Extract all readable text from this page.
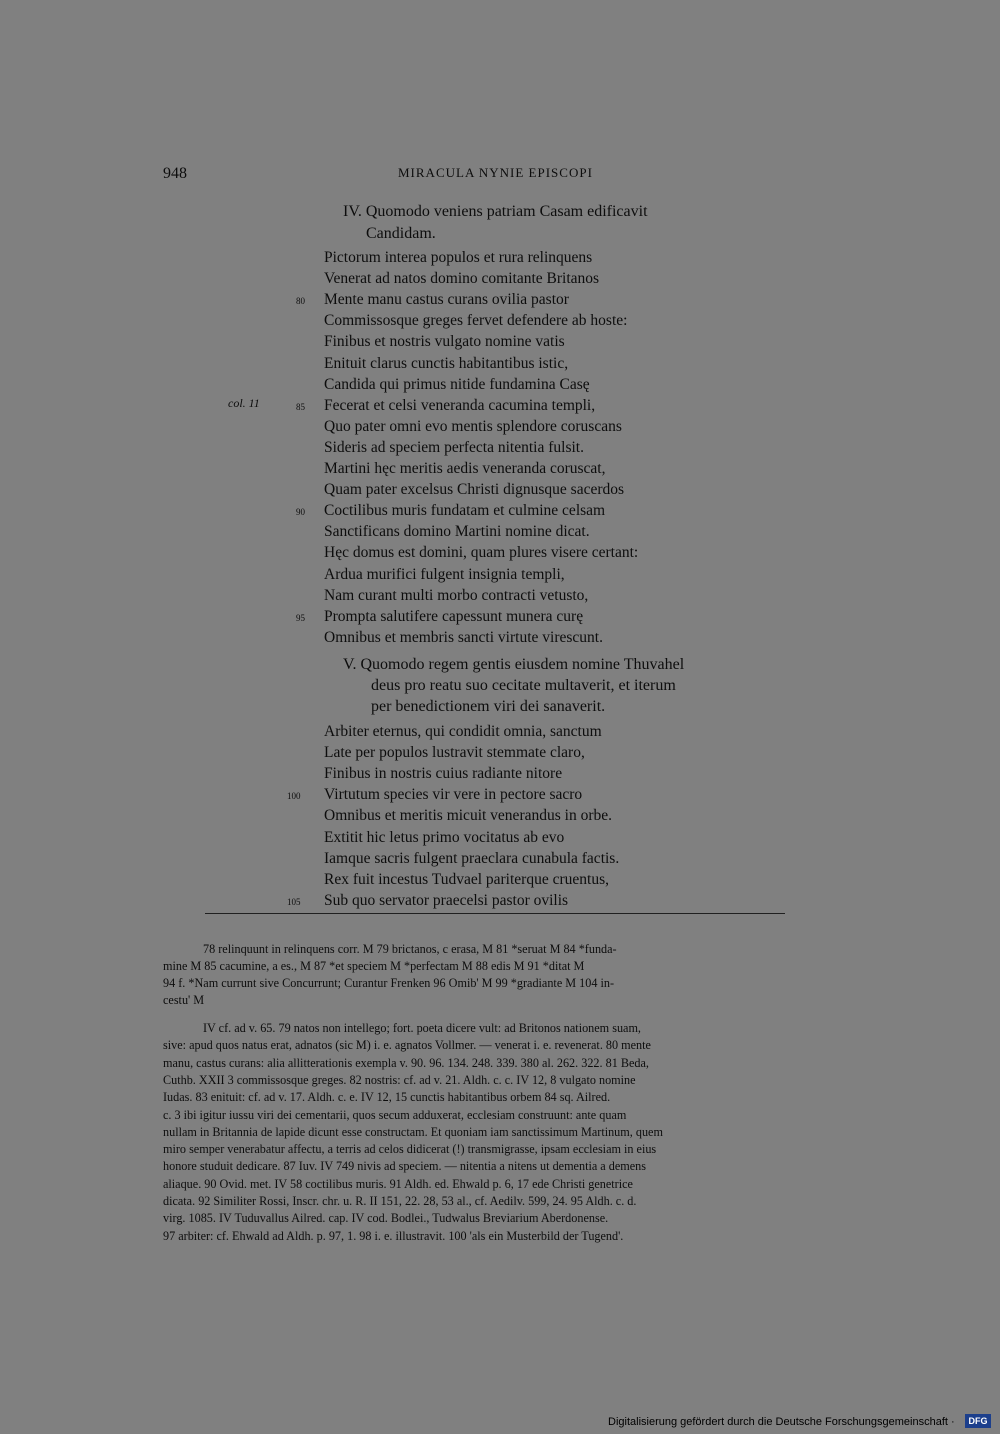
948	MIRACULA NYNIE EPISCOPI
IV. Quomodo veniens patriam Casam edificavit
Candidam.
col. 11
Pictorum interea populos et rura relinquens
Venerat ad natos domino comitante Britanos
Mente manu castus curans ovilia pastor
80
Commissosque greges fervet defendere ab hoste:
Finibus et nostris vulgato nomine vatis
Enituit clarus cunctis habitantibus istic,
Candida qui primus nitide fundamina Casę
Fecerat et celsi veneranda cacumina templi,
85
Quo pater omni evo mentis splendore coruscans
Sideris ad speciem perfecta nitentia fulsit.
Martini hęc meritis aedis veneranda coruscat,
Quam pater excelsus Christi dignusque sacerdos
Coctilibus muris fundatam et culmine celsam
90
Sanctificans domino Martini nomine dicat.
Hęc domus est domini, quam plures visere certant:
Ardua murifici fulgent insignia templi,
Nam curant multi morbo contracti vetusto,
Prompta salutifere capessunt munera curę
95
Omnibus et membris sancti virtute virescunt.
V. Quomodo regem gentis eiusdem nomine Thuvahel
deus pro reatu suo cecitate multaverit, et iterum
per benedictionem viri dei sanaverit.
Arbiter eternus, qui condidit omnia, sanctum
Late per populos lustravit stemmate claro,
Finibus in nostris cuius radiante nitore
Virtutum species vir vere in pectore sacro
100
Omnibus et meritis micuit venerandus in orbe.
Extitit hic letus primo vocitatus ab evo
Iamque sacris fulgent praeclara cunabula factis.
Rex fuit incestus Tudvael pariterque cruentus,
Sub quo servator praecelsi pastor ovilis
105
78 relinquunt in relinquens corr. M 79 brictanos, c erasa, M 81 *seruat M 84 *funda-
mine M 85 cacumine, a es., M 87 *et speciem M *perfectam M 88 edis M 91 *ditat M
94 f. *Nam currunt sive Concurrunt; Curantur Frenken 96 Omib' M 99 *gradiante M 104 in-
cestu' M
IV cf. ad v. 65. 79 natos non intellego; fort. poeta dicere vult: ad Britonos nationem suam,
sive: apud quos natus erat, adnatos (sic M) i. e. agnatos Vollmer. — venerat i. e. revenerat. 80 mente
manu, castus curans: alia allitterationis exempla v. 90. 96. 134. 248. 339. 380 al. 262. 322. 81 Beda,
Cuthb. XXII 3 commissosque greges. 82 nostris: cf. ad v. 21. Aldh. c. c. IV 12, 8 vulgato nomine
Iudas. 83 enituit: cf. ad v. 17. Aldh. c. e. IV 12, 15 cunctis habitantibus orbem 84 sq. Ailred.
c. 3 ibi igitur iussu viri dei cementarii, quos secum adduxerat, ecclesiam construunt: ante quam
nullam in Britannia de lapide dicunt esse constructam. Et quoniam iam sanctissimum Martinum, quem
miro semper venerabatur affectu, a terris ad celos didicerat (!) transmigrasse, ipsam ecclesiam in eius
honore studuit dedicare. 87 Iuv. IV 749 nivis ad speciem. — nitentia a nitens ut dementia a demens
aliaque. 90 Ovid. met. IV 58 coctilibus muris. 91 Aldh. ed. Ehwald p. 6, 17 ede Christi genetrice
dicata. 92 Similiter Rossi, Inscr. chr. u. R. II 151, 22. 28, 53 al., cf. Aedilv. 599, 24. 95 Aldh. c. d.
virg. 1085. IV Tuduvallus Ailred. cap. IV cod. Bodlei., Tudwalus Breviarium Aberdonense.
97 arbiter: cf. Ehwald ad Aldh. p. 97, 1. 98 i. e. illustravit. 100 'als ein Musterbild der Tugend'.
Digitalisierung gefördert durch die Deutsche Forschungsgemeinschaft ·	DFG
